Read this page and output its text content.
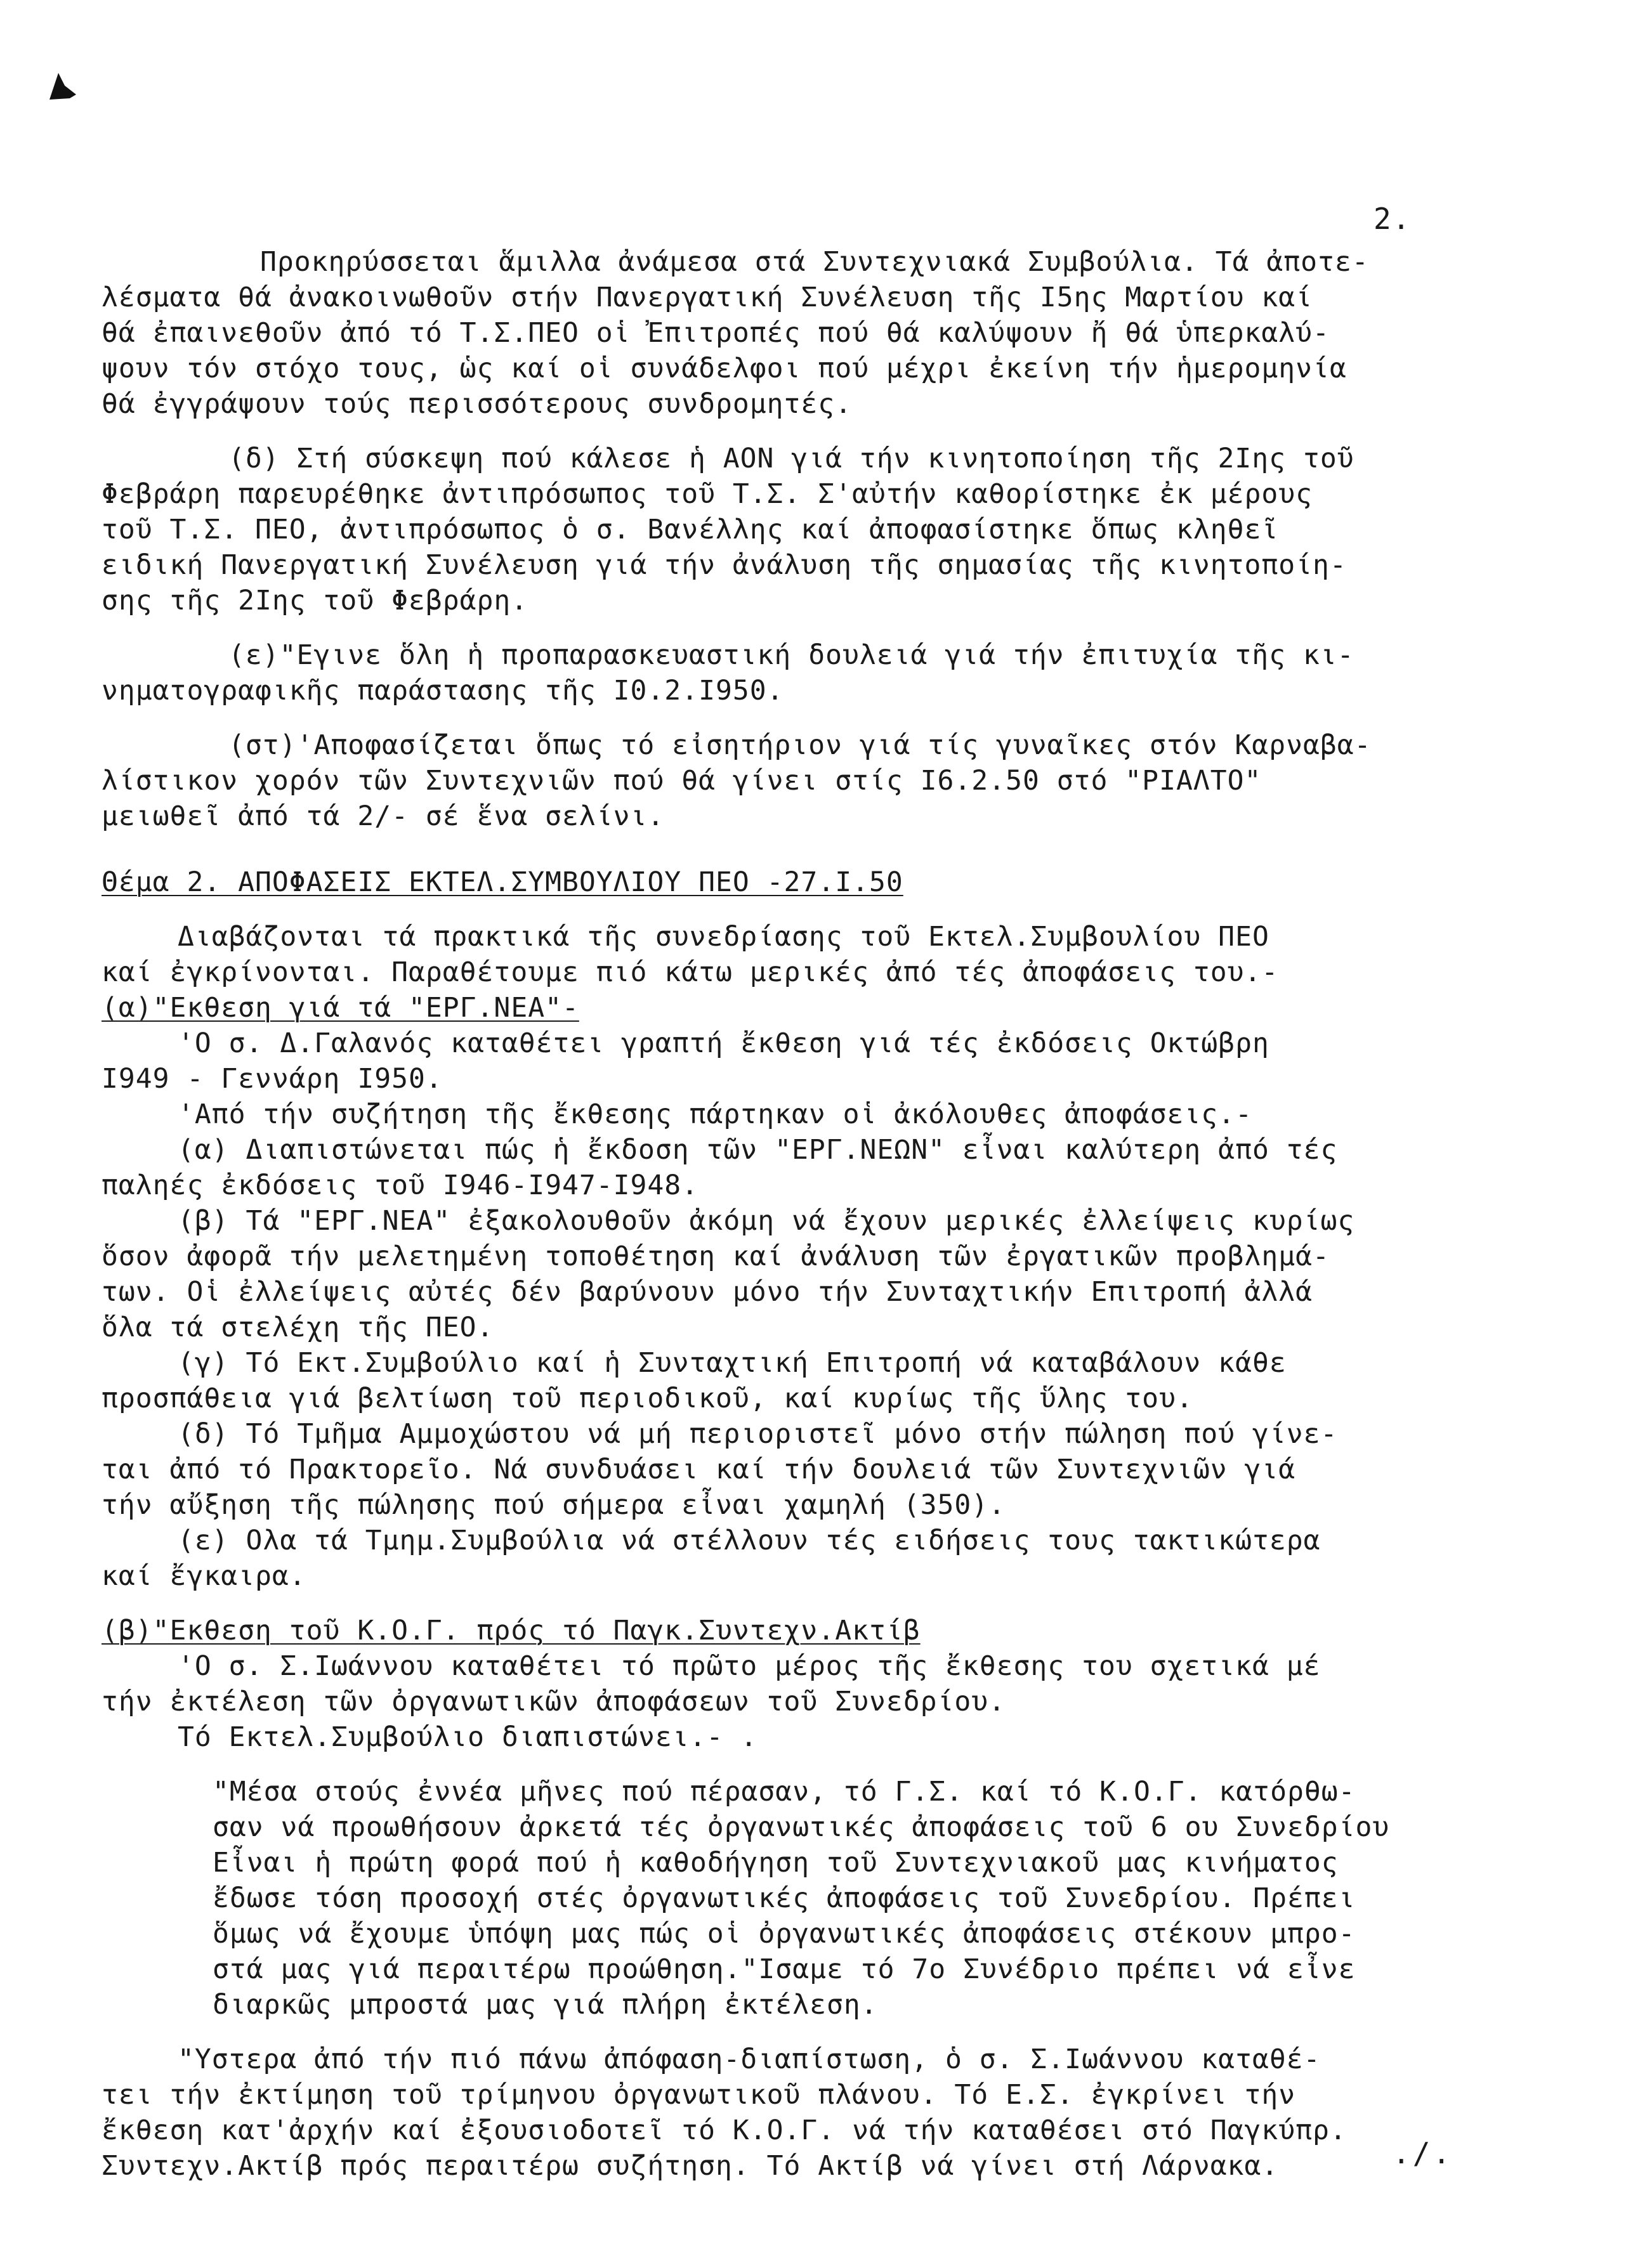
2.
Προκηρύσσεται ἅμιλλα ἀνάμεσα στά Συντεχνιακά Συμβούλια. Τά ἀποτε-
λέσματα θά ἀνακοινωθοῦν στήν Πανεργατική Συνέλευση τῆς I5ης Μαρτίου καί
θά ἐπαινεθοῦν ἀπό τό Τ.Σ.ΠΕΟ οἱ Ἐπιτροπές πού θά καλύψουν ἤ θά ὑπερκαλύ-
ψουν τόν στόχο τους, ὡς καί οἱ συνάδελφοι πού μέχρι ἐκείνη τήν ἡμερομηνία
θά ἐγγράψουν τούς περισσότερους συνδρομητές.
(δ) Στή σύσκεψη πού κάλεσε ἡ ΑΟΝ γιά τήν κινητοποίηση τῆς 2Iης τοῦ
Φεβράρη παρευρέθηκε ἀντιπρόσωπος τοῦ Τ.Σ. Σ'αὐτήν καθορίστηκε ἐκ μέρους
τοῦ Τ.Σ. ΠΕΟ, ἀντιπρόσωπος ὁ σ. Βανέλλης καί ἀποφασίστηκε ὅπως κληθεῖ
ειδική Πανεργατική Συνέλευση γιά τήν ἀνάλυση τῆς σημασίας τῆς κινητοποίη-
σης τῆς 2Iης τοῦ Φεβράρη.
(ε)"Εγινε ὅλη ἡ προπαρασκευαστική δουλειά γιά τήν ἐπιτυχία τῆς κι-
νηματογραφικῆς παράστασης τῆς I0.2.I950.
(στ)'Αποφασίζεται ὅπως τό εἰσητήριον γιά τίς γυναῖκες στόν Καρναβα-
λίστικον χορόν τῶν Συντεχνιῶν πού θά γίνει στίς I6.2.50 στό "ΡΙΑΛΤΟ"
μειωθεῖ ἀπό τά 2/- σέ ἕνα σελίνι.
Θέμα 2. ΑΠΟΦΑΣΕΙΣ ΕΚΤΕΛ.ΣΥΜΒΟΥΛΙΟΥ ΠΕΟ -27.I.50
Διαβάζονται τά πρακτικά τῆς συνεδρίασης τοῦ Εκτελ.Συμβουλίου ΠΕΟ
καί ἐγκρίνονται. Παραθέτουμε πιό κάτω μερικές ἀπό τές ἀποφάσεις του.-
(α)"Εκθεση γιά τά "ΕΡΓ.ΝΕΑ"-
'Ο σ. Δ.Γαλανός καταθέτει γραπτή ἔκθεση γιά τές ἐκδόσεις Οκτώβρη
I949 - Γεννάρη I950.
'Από τήν συζήτηση τῆς ἔκθεσης πάρτηκαν οἱ ἀκόλουθες ἀποφάσεις.-
(α) Διαπιστώνεται πώς ἡ ἔκδοση τῶν "ΕΡΓ.ΝΕΩΝ" εἶναι καλύτερη ἀπό τές
παληές ἐκδόσεις τοῦ I946-I947-I948.
(β) Τά "ΕΡΓ.ΝΕΑ" ἐξακολουθοῦν ἀκόμη νά ἔχουν μερικές ἐλλείψεις κυρίως
ὅσον ἀφορᾶ τήν μελετημένη τοποθέτηση καί ἀνάλυση τῶν ἐργατικῶν προβλημά-
των. Οἱ ἐλλείψεις αὐτές δέν βαρύνουν μόνο τήν Συνταχτικήν Επιτροπή ἀλλά
ὅλα τά στελέχη τῆς ΠΕΟ.
(γ) Τό Εκτ.Συμβούλιο καί ἡ Συνταχτική Επιτροπή νά καταβάλουν κάθε
προσπάθεια γιά βελτίωση τοῦ περιοδικοῦ, καί κυρίως τῆς ὕλης του.
(δ) Τό Τμῆμα Αμμοχώστου νά μή περιοριστεῖ μόνο στήν πώληση πού γίνε-
ται ἀπό τό Πρακτορεῖο. Νά συνδυάσει καί τήν δουλειά τῶν Συντεχνιῶν γιά
τήν αὔξηση τῆς πώλησης πού σήμερα εἶναι χαμηλή (350).
(ε) Ολα τά Τμημ.Συμβούλια νά στέλλουν τές ειδήσεις τους τακτικώτερα
καί ἔγκαιρα.
(β)"Εκθεση τοῦ Κ.Ο.Γ. πρός τό Παγκ.Συντεχν.Ακτίβ
'Ο σ. Σ.Ιωάννου καταθέτει τό πρῶτο μέρος τῆς ἔκθεσης του σχετικά μέ
τήν ἐκτέλεση τῶν ὀργανωτικῶν ἀποφάσεων τοῦ Συνεδρίου.
Τό Εκτελ.Συμβούλιο διαπιστώνει.- .
"Μέσα στούς ἐννέα μῆνες πού πέρασαν, τό Γ.Σ. καί τό Κ.Ο.Γ. κατόρθω-
σαν νά προωθήσουν ἀρκετά τές ὀργανωτικές ἀποφάσεις τοῦ 6 ου Συνεδρίου
Εἶναι ἡ πρώτη φορά πού ἡ καθοδήγηση τοῦ Συντεχνιακοῦ μας κινήματος
ἔδωσε τόση προσοχή στές ὀργανωτικές ἀποφάσεις τοῦ Συνεδρίου. Πρέπει
ὅμως νά ἔχουμε ὑπόψη μας πώς οἱ ὀργανωτικές ἀποφάσεις στέκουν μπρο-
στά μας γιά περαιτέρω προώθηση."Ισαμε τό 7ο Συνέδριο πρέπει νά εἶνε
διαρκῶς μπροστά μας γιά πλήρη ἐκτέλεση.
"Υστερα ἀπό τήν πιό πάνω ἀπόφαση-διαπίστωση, ὁ σ. Σ.Ιωάννου καταθέ-
τει τήν ἐκτίμηση τοῦ τρίμηνου ὀργανωτικοῦ πλάνου. Τό Ε.Σ. ἐγκρίνει τήν
ἔκθεση κατ'ἀρχήν καί ἐξουσιοδοτεῖ τό Κ.Ο.Γ. νά τήν καταθέσει στό Παγκύπρ.
Συντεχν.Ακτίβ πρός περαιτέρω συζήτηση. Τό Ακτίβ νά γίνει στή Λάρνακα.	./.
